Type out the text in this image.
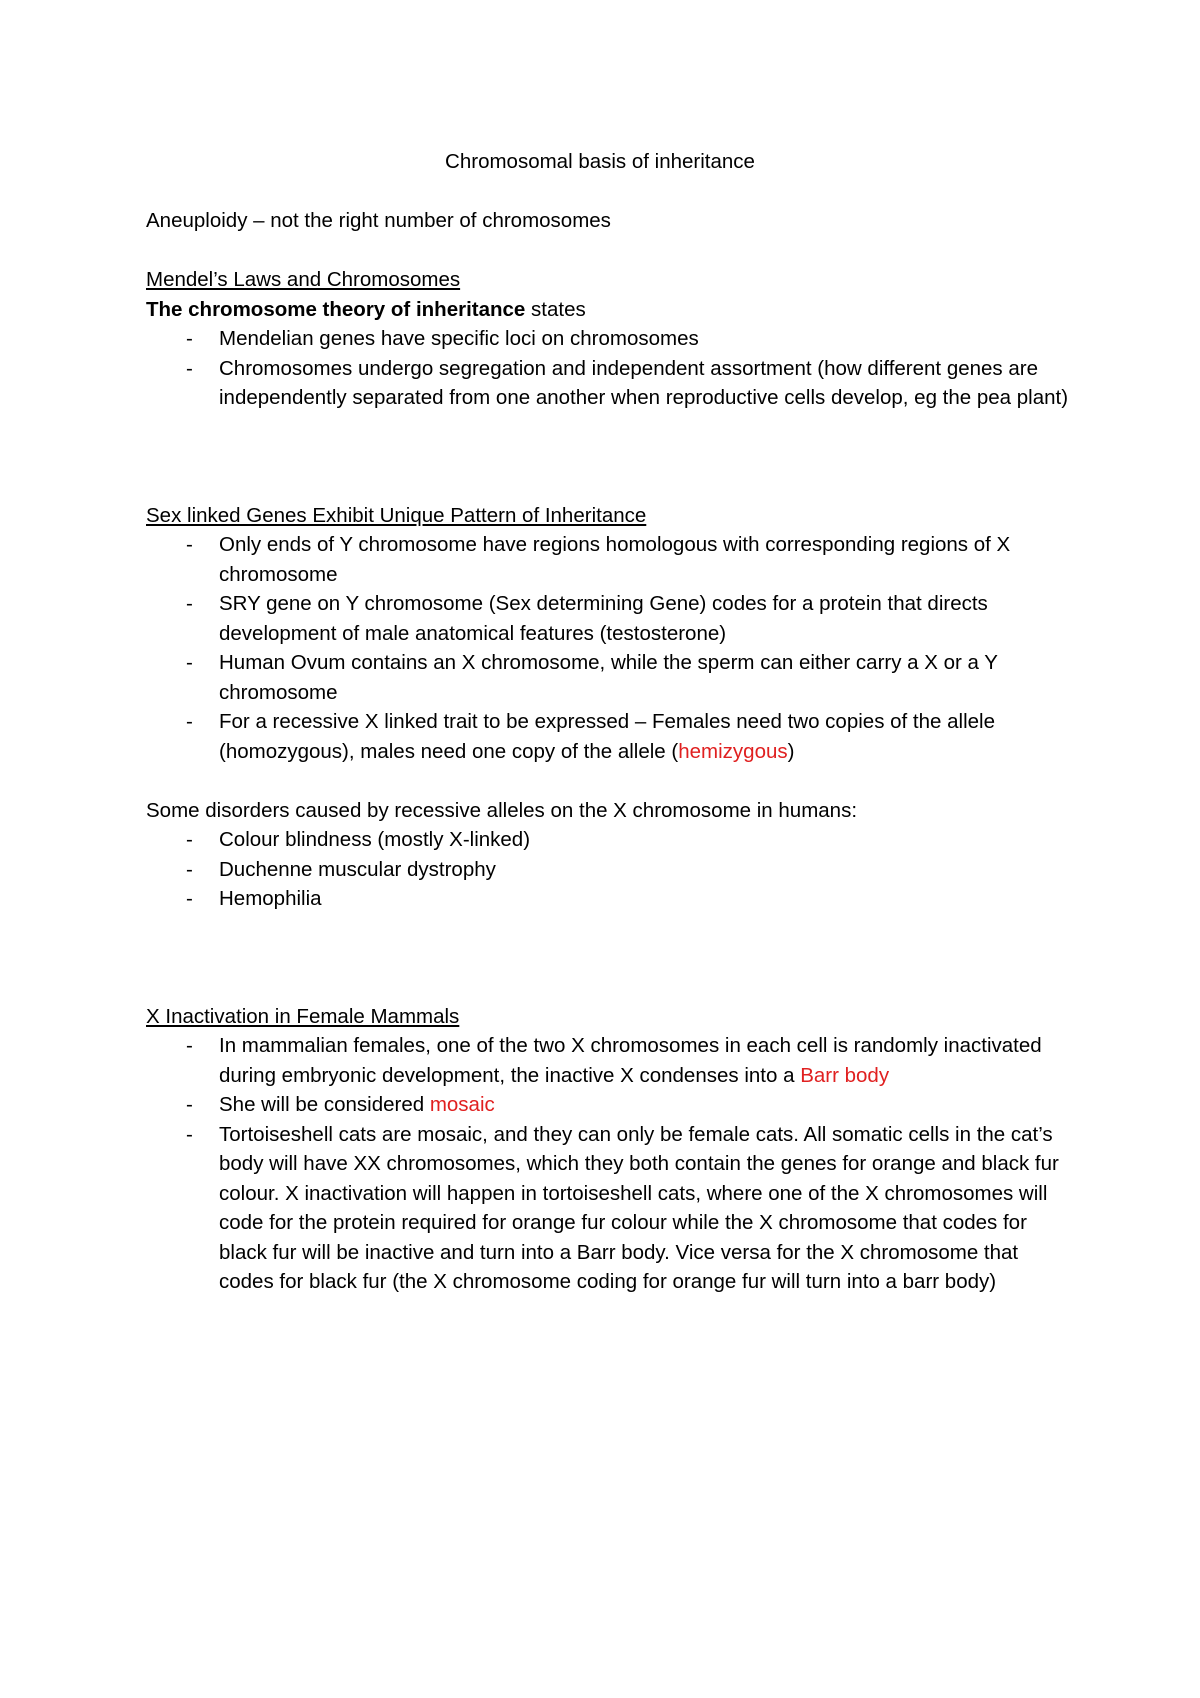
Chromosomal basis of inheritance

Aneuploidy – not the right number of chromosomes

Mendel’s Laws and Chromosomes

The chromosome theory of inheritance states

- Mendelian genes have specific loci on chromosomes
- Chromosomes undergo segregation and independent assortment (how different genes are independently separated from one another when reproductive cells develop, eg the pea plant)

Sex linked Genes Exhibit Unique Pattern of Inheritance

- Only ends of Y chromosome have regions homologous with corresponding regions of X chromosome
- SRY gene on Y chromosome (Sex determining Gene) codes for a protein that directs development of male anatomical features (testosterone)
- Human Ovum contains an X chromosome, while the sperm can either carry a X or a Y chromosome
- For a recessive X linked trait to be expressed – Females need two copies of the allele (homozygous), males need one copy of the allele (hemizygous)

Some disorders caused by recessive alleles on the X chromosome in humans:

- Colour blindness (mostly X-linked)
- Duchenne muscular dystrophy
- Hemophilia

X Inactivation in Female Mammals

- In mammalian females, one of the two X chromosomes in each cell is randomly inactivated during embryonic development, the inactive X condenses into a Barr body
- She will be considered mosaic
- Tortoiseshell cats are mosaic, and they can only be female cats. All somatic cells in the cat’s body will have XX chromosomes, which they both contain the genes for orange and black fur colour. X inactivation will happen in tortoiseshell cats, where one of the X chromosomes will code for the protein required for orange fur colour while the X chromosome that codes for black fur will be inactive and turn into a Barr body. Vice versa for the X chromosome that codes for black fur (the X chromosome coding for orange fur will turn into a barr body)
